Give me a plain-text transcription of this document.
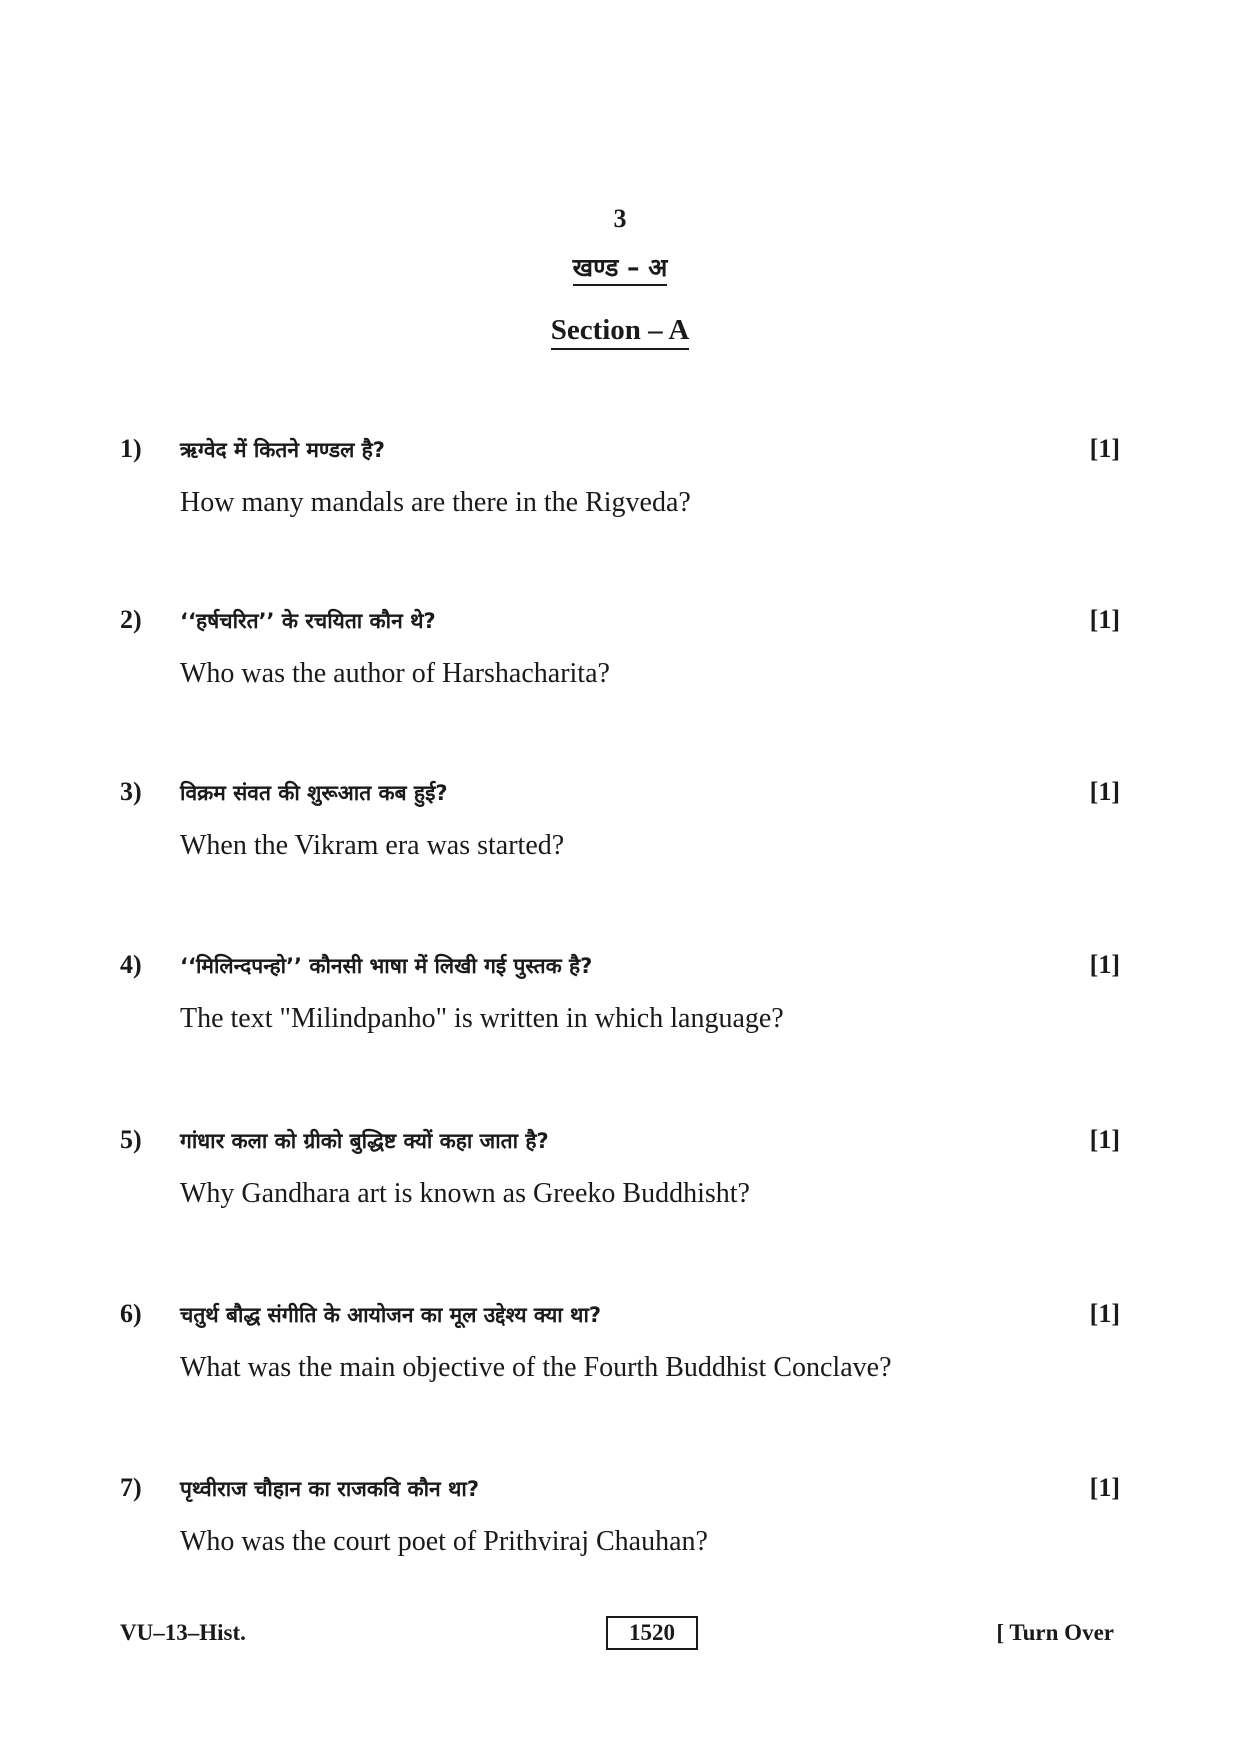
3
खण्ड – अ
Section – A
1) ऋग्वेद में कितने मण्डल है?	[1]
How many mandals are there in the Rigveda?
2) ‘‘हर्षचरित’’ के रचयिता कौन थे?	[1]
Who was the author of Harshacharita?
3) विक्रम संवत की शुरूआत कब हुई?	[1]
When the Vikram era was started?
4) ‘‘मिलिन्दपन्हो’’ कौनसी भाषा में लिखी गई पुस्तक है?	[1]
The text "Milindpanho" is written in which language?
5) गांधार कला को ग्रीको बुद्धिष्ट क्यों कहा जाता है?	[1]
Why Gandhara art is known as Greeko Buddhisht?
6) चतुर्थ बौद्ध संगीति के आयोजन का मूल उद्देश्य क्या था?	[1]
What was the main objective of the Fourth Buddhist Conclave?
7) पृथ्वीराज चौहान का राजकवि कौन था?	[1]
Who was the court poet of Prithviraj Chauhan?
VU–13–Hist.	1520	[ Turn Over
